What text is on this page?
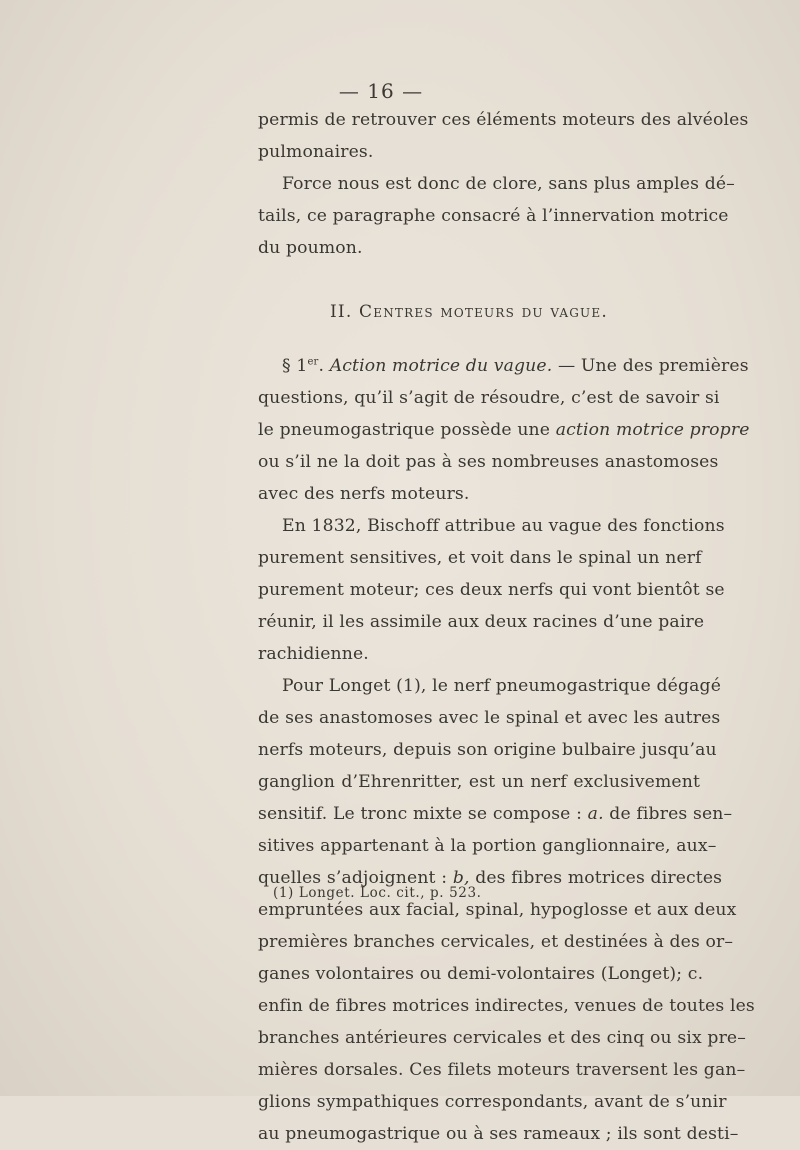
— 16 —
permis de retrouver ces éléments moteurs des alvéoles
pulmonaires.
Force nous est donc de clore, sans plus amples dé–
tails, ce paragraphe consacré à l’innervation motrice
du poumon.
II. Centres moteurs du vague.
§ 1er. Action motrice du vague. — Une des premières
questions, qu’il s’agit de résoudre, c’est de savoir si
le pneumogastrique possède une action motrice propre
ou s’il ne la doit pas à ses nombreuses anastomoses
avec des nerfs moteurs.
En 1832, Bischoff attribue au vague des fonctions
purement sensitives, et voit dans le spinal un nerf
purement moteur; ces deux nerfs qui vont bientôt se
réunir, il les assimile aux deux racines d’une paire
rachidienne.
Pour Longet (1), le nerf pneumogastrique dégagé
de ses anastomoses avec le spinal et avec les autres
nerfs moteurs, depuis son origine bulbaire jusqu’au
ganglion d’Ehrenritter, est un nerf exclusivement
sensitif. Le tronc mixte se compose : a. de fibres sen–
sitives appartenant à la portion ganglionnaire, aux–
quelles s’adjoignent : b, des fibres motrices directes
empruntées aux facial, spinal, hypoglosse et aux deux
premières branches cervicales, et destinées à des or–
ganes volontaires ou demi-volontaires (Longet); c.
enfin de fibres motrices indirectes, venues de toutes les
branches antérieures cervicales et des cinq ou six pre–
mières dorsales. Ces filets moteurs traversent les gan–
glions sympathiques correspondants, avant de s’unir
au pneumogastrique ou à ses rameaux ; ils sont desti–
(1) Longet. Loc. cit., p. 523.
